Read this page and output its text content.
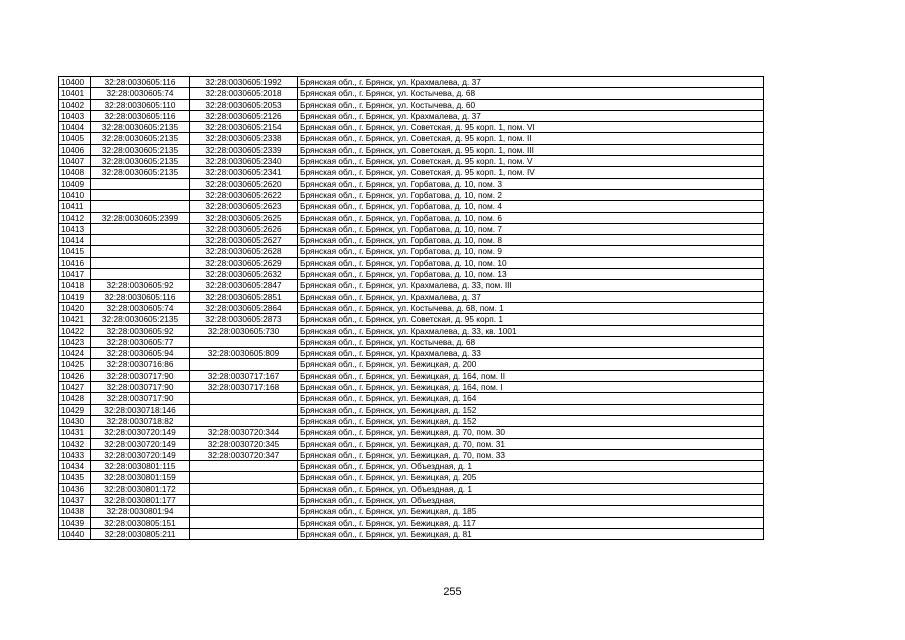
10400	32:28:0030605:116	32:28:0030605:1992	Брянская обл., г. Брянск, ул. Крахмалева, д. 37
10401	32:28:0030605:74	32:28:0030605:2018	Брянская обл., г. Брянск, ул. Костычева, д. 68
10402	32:28:0030605:110	32:28:0030605:2053	Брянская обл., г. Брянск, ул. Костычева, д. 60
10403	32:28:0030605:116	32:28:0030605:2126	Брянская обл., г. Брянск, ул. Крахмалева, д. 37
10404	32:28:0030605:2135	32:28:0030605:2154	Брянская обл., г. Брянск, ул. Советская, д. 95 корп. 1, пом. VI
10405	32:28:0030605:2135	32:28:0030605:2338	Брянская обл., г. Брянск, ул. Советская, д. 95 корп. 1, пом. II
10406	32:28:0030605:2135	32:28:0030605:2339	Брянская обл., г. Брянск, ул. Советская, д. 95 корп. 1, пом. III
10407	32:28:0030605:2135	32:28:0030605:2340	Брянская обл., г. Брянск, ул. Советская, д. 95 корп. 1, пом. V
10408	32:28:0030605:2135	32:28:0030605:2341	Брянская обл., г. Брянск, ул. Советская, д. 95 корп. 1, пом. IV
10409		32:28:0030605:2620	Брянская обл., г. Брянск, ул. Горбатова, д. 10, пом. 3
10410		32:28:0030605:2622	Брянская обл., г. Брянск, ул. Горбатова, д. 10, пом. 2
10411		32:28:0030605:2623	Брянская обл., г. Брянск, ул. Горбатова, д. 10, пом. 4
10412	32:28:0030605:2399	32:28:0030605:2625	Брянская обл., г. Брянск, ул. Горбатова, д. 10, пом. 6
10413		32:28:0030605:2626	Брянская обл., г. Брянск, ул. Горбатова, д. 10, пом. 7
10414		32:28:0030605:2627	Брянская обл., г. Брянск, ул. Горбатова, д. 10, пом. 8
10415		32:28:0030605:2628	Брянская обл., г. Брянск, ул. Горбатова, д. 10, пом. 9
10416		32:28:0030605:2629	Брянская обл., г. Брянск, ул. Горбатова, д. 10, пом. 10
10417		32:28:0030605:2632	Брянская обл., г. Брянск, ул. Горбатова, д. 10, пом. 13
10418	32:28:0030605:92	32:28:0030605:2847	Брянская обл., г. Брянск, ул. Крахмалева, д. 33, пом. III
10419	32:28:0030605:116	32:28:0030605:2851	Брянская обл., г. Брянск, ул. Крахмалева, д. 37
10420	32:28:0030605:74	32:28:0030605:2864	Брянская обл., г. Брянск, ул. Костычева, д. 68, пом. 1
10421	32:28:0030605:2135	32:28:0030605:2873	Брянская обл., г. Брянск, ул. Советская, д. 95 корп. 1
10422	32:28:0030605:92	32:28:0030605:730	Брянская обл., г. Брянск, ул. Крахмалева, д. 33, кв. 1001
10423	32:28:0030605:77		Брянская обл., г. Брянск, ул. Костычева, д. 68
10424	32:28:0030605:94	32:28:0030605:809	Брянская обл., г. Брянск, ул. Крахмалева, д. 33
10425	32:28:0030716:86		Брянская обл., г. Брянск, ул. Бежицкая, д. 200
10426	32:28:0030717:90	32:28:0030717:167	Брянская обл., г. Брянск, ул. Бежицкая, д. 164, пом. II
10427	32:28:0030717:90	32:28:0030717:168	Брянская обл., г. Брянск, ул. Бежицкая, д. 164, пом. I
10428	32:28:0030717:90		Брянская обл., г. Брянск, ул. Бежицкая, д. 164
10429	32:28:0030718:146		Брянская обл., г. Брянск, ул. Бежицкая, д. 152
10430	32:28:0030718:82		Брянская обл., г. Брянск, ул. Бежицкая, д. 152
10431	32:28:0030720:149	32:28:0030720:344	Брянская обл., г. Брянск, ул. Бежицкая, д. 70, пом. 30
10432	32:28:0030720:149	32:28:0030720:345	Брянская обл., г. Брянск, ул. Бежицкая, д. 70, пом. 31
10433	32:28:0030720:149	32:28:0030720:347	Брянская обл., г. Брянск, ул. Бежицкая, д. 70, пом. 33
10434	32:28:0030801:115		Брянская обл., г. Брянск, ул. Объездная, д. 1
10435	32:28:0030801:159		Брянская обл., г. Брянск, ул. Бежицкая, д. 205
10436	32:28:0030801:172		Брянская обл., г. Брянск, ул. Объездная, д. 1
10437	32:28:0030801:177		Брянская обл., г. Брянск, ул. Объездная,
10438	32:28:0030801:94		Брянская обл., г. Брянск, ул. Бежицкая, д. 185
10439	32:28:0030805:151		Брянская обл., г. Брянск, ул. Бежицкая, д. 117
10440	32:28:0030805:211		Брянская обл., г. Брянск, ул. Бежицкая, д. 81
255
